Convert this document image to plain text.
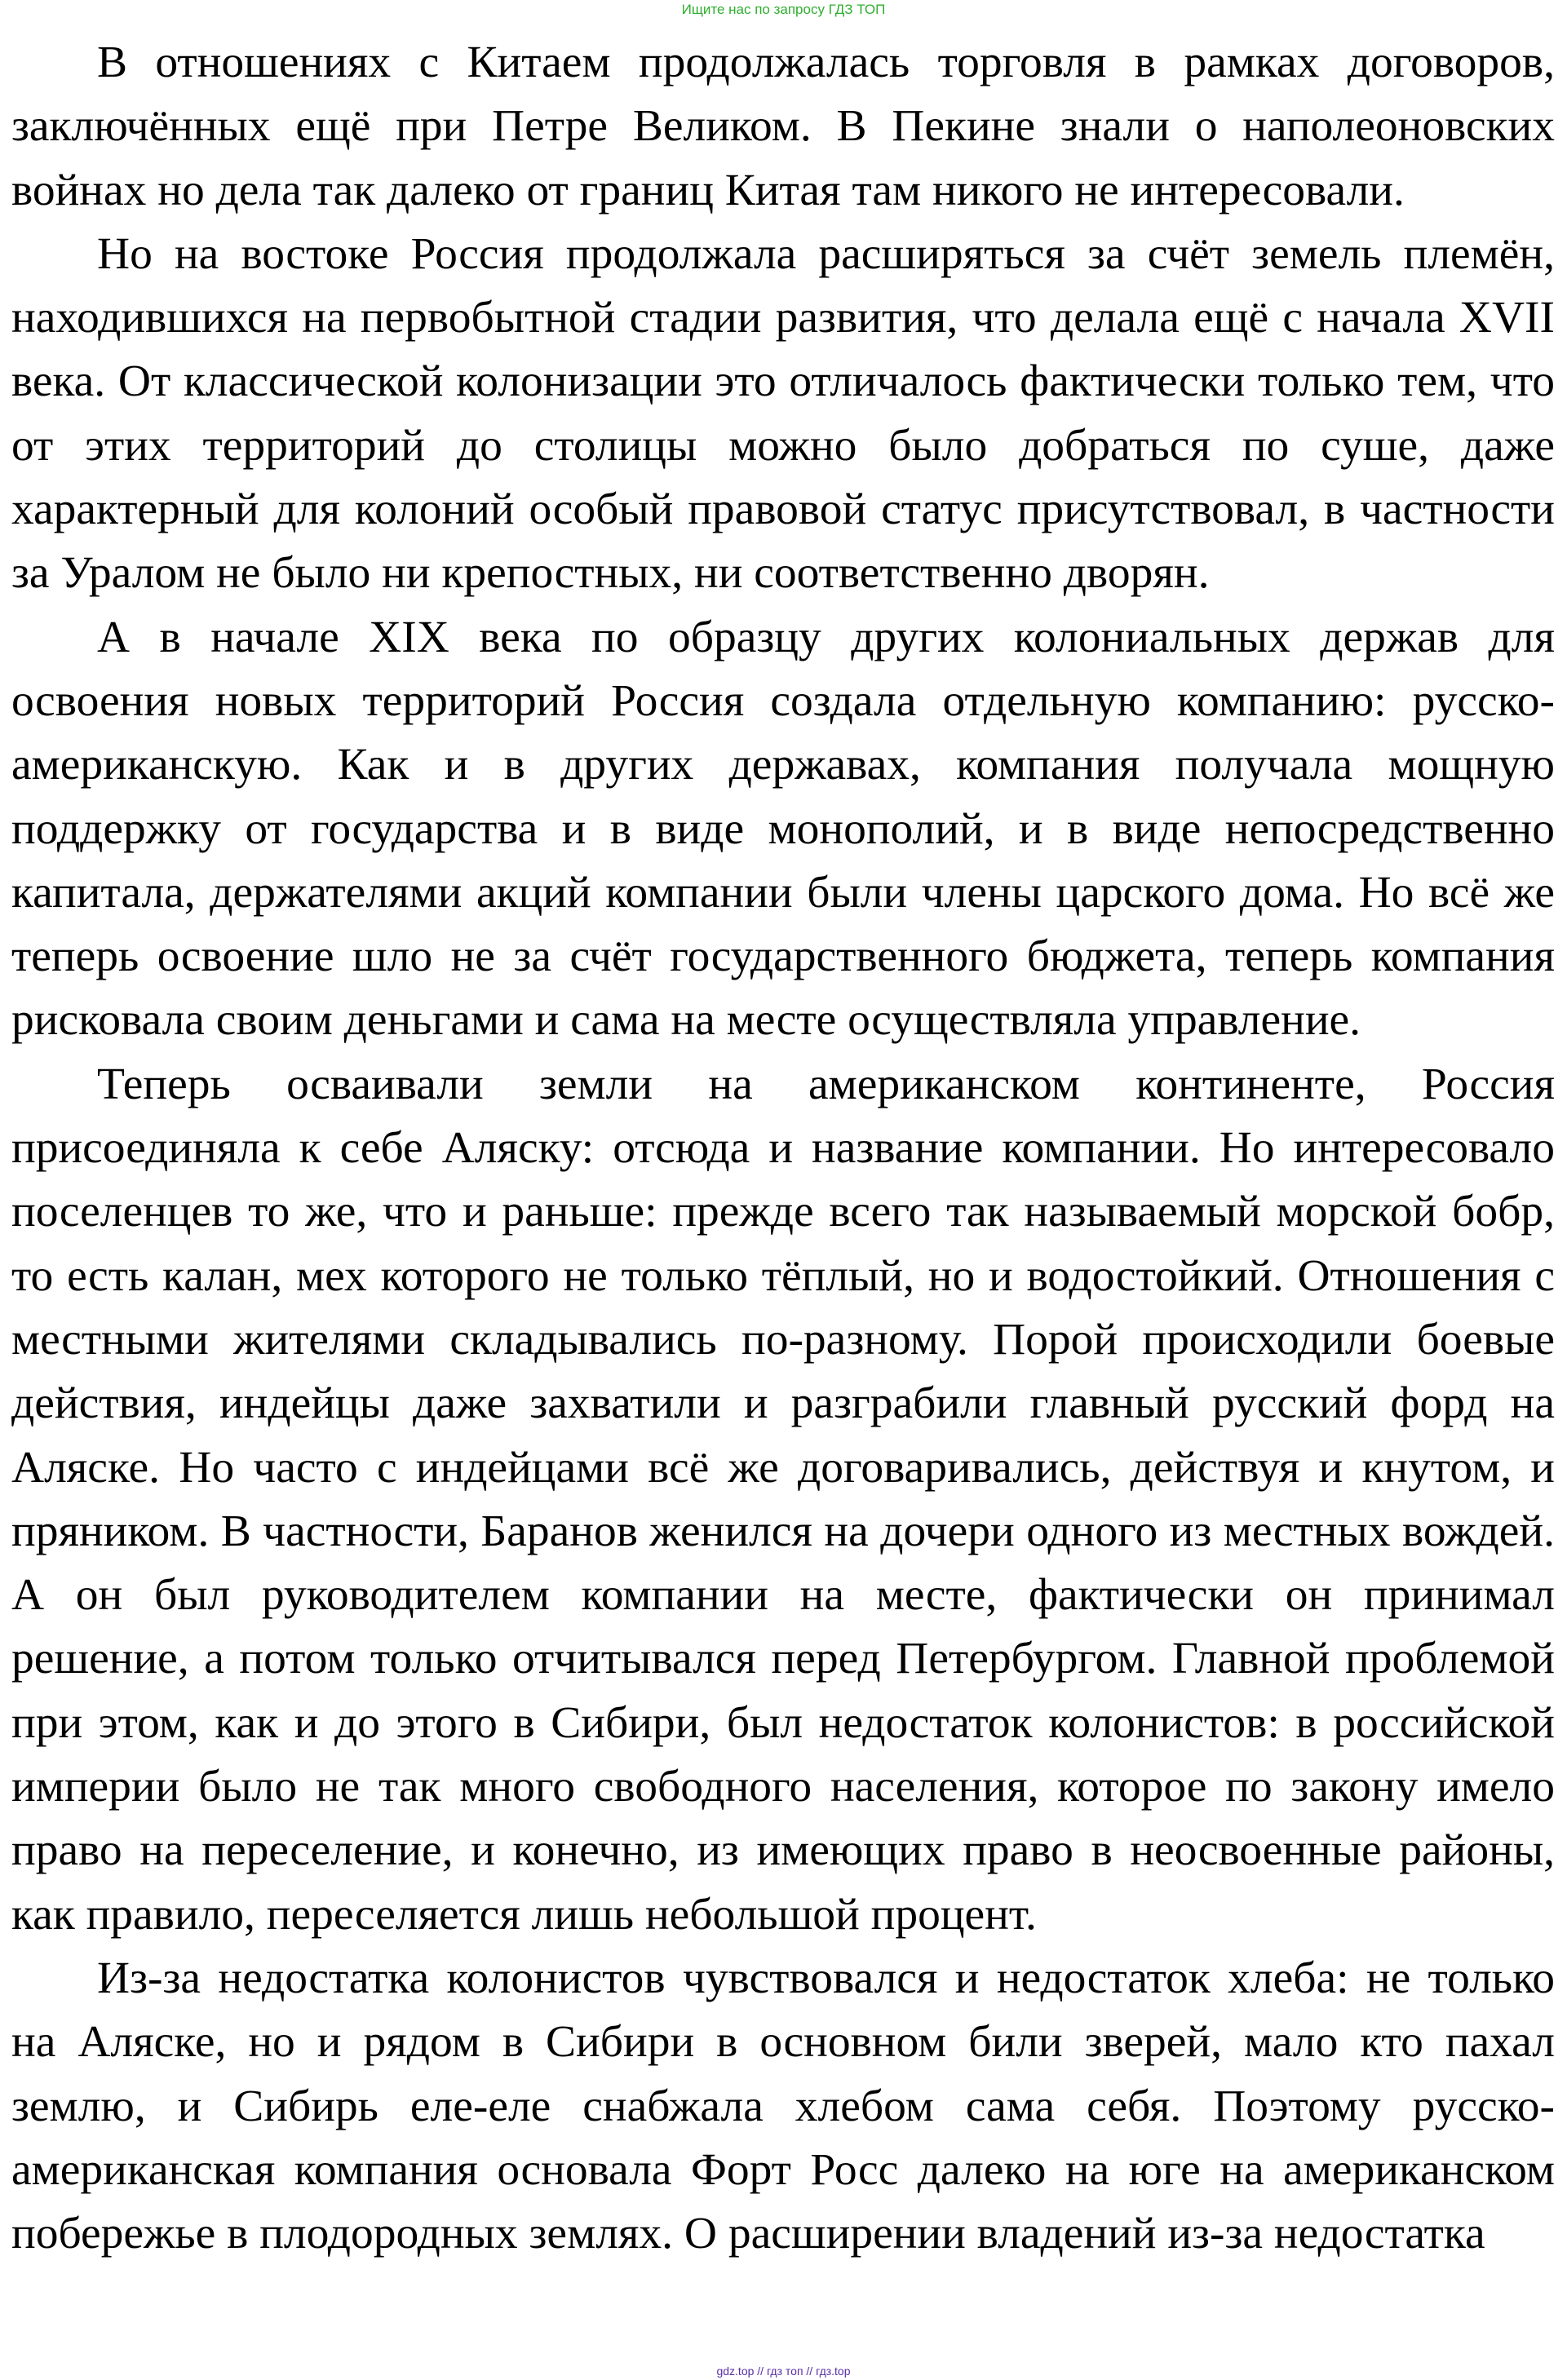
Ищите нас по запросу ГДЗ ТОП

В отношениях с Китаем продолжалась торговля в рамках договоров, заключённых ещё при Петре Великом. В Пекине знали о наполеоновских войнах но дела так далеко от границ Китая там никого не интересовали.

Но на востоке Россия продолжала расширяться за счёт земель племён, находившихся на первобытной стадии развития, что делала ещё с начала XVII века. От классической колонизации это отличалось фактически только тем, что от этих территорий до столицы можно было добраться по суше, даже характерный для колоний особый правовой статус присутствовал, в частности за Уралом не было ни крепостных, ни соответственно дворян.

А в начале XIX века по образцу других колониальных держав для освоения новых территорий Россия создала отдельную компанию: русско-американскую. Как и в других державах, компания получала мощную поддержку от государства и в виде монополий, и в виде непосредственно капитала, держателями акций компании были члены царского дома. Но всё же теперь освоение шло не за счёт государственного бюджета, теперь компания рисковала своим деньгами и сама на месте осуществляла управление.

Теперь осваивали земли на американском континенте, Россия присоединяла к себе Аляску: отсюда и название компании. Но интересовало поселенцев то же, что и раньше: прежде всего так называемый морской бобр, то есть калан, мех которого не только тёплый, но и водостойкий. Отношения с местными жителями складывались по-разному. Порой происходили боевые действия, индейцы даже захватили и разграбили главный русский форд на Аляске. Но часто с индейцами всё же договаривались, действуя и кнутом, и пряником. В частности, Баранов женился на дочери одного из местных вождей. А он был руководителем компании на месте, фактически он принимал решение, а потом только отчитывался перед Петербургом. Главной проблемой при этом, как и до этого в Сибири, был недостаток колонистов: в российской империи было не так много свободного населения, которое по закону имело право на переселение, и конечно, из имеющих право в неосвоенные районы, как правило, переселяется лишь небольшой процент.

Из-за недостатка колонистов чувствовался и недостаток хлеба: не только на Аляске, но и рядом в Сибири в основном били зверей, мало кто пахал землю, и Сибирь еле-еле снабжала хлебом сама себя. Поэтому русско-американская компания основала Форт Росс далеко на юге на американском побережье в плодородных землях. О расширении владений из-за недостатка

gdz.top // гдз топ // гдз.top
